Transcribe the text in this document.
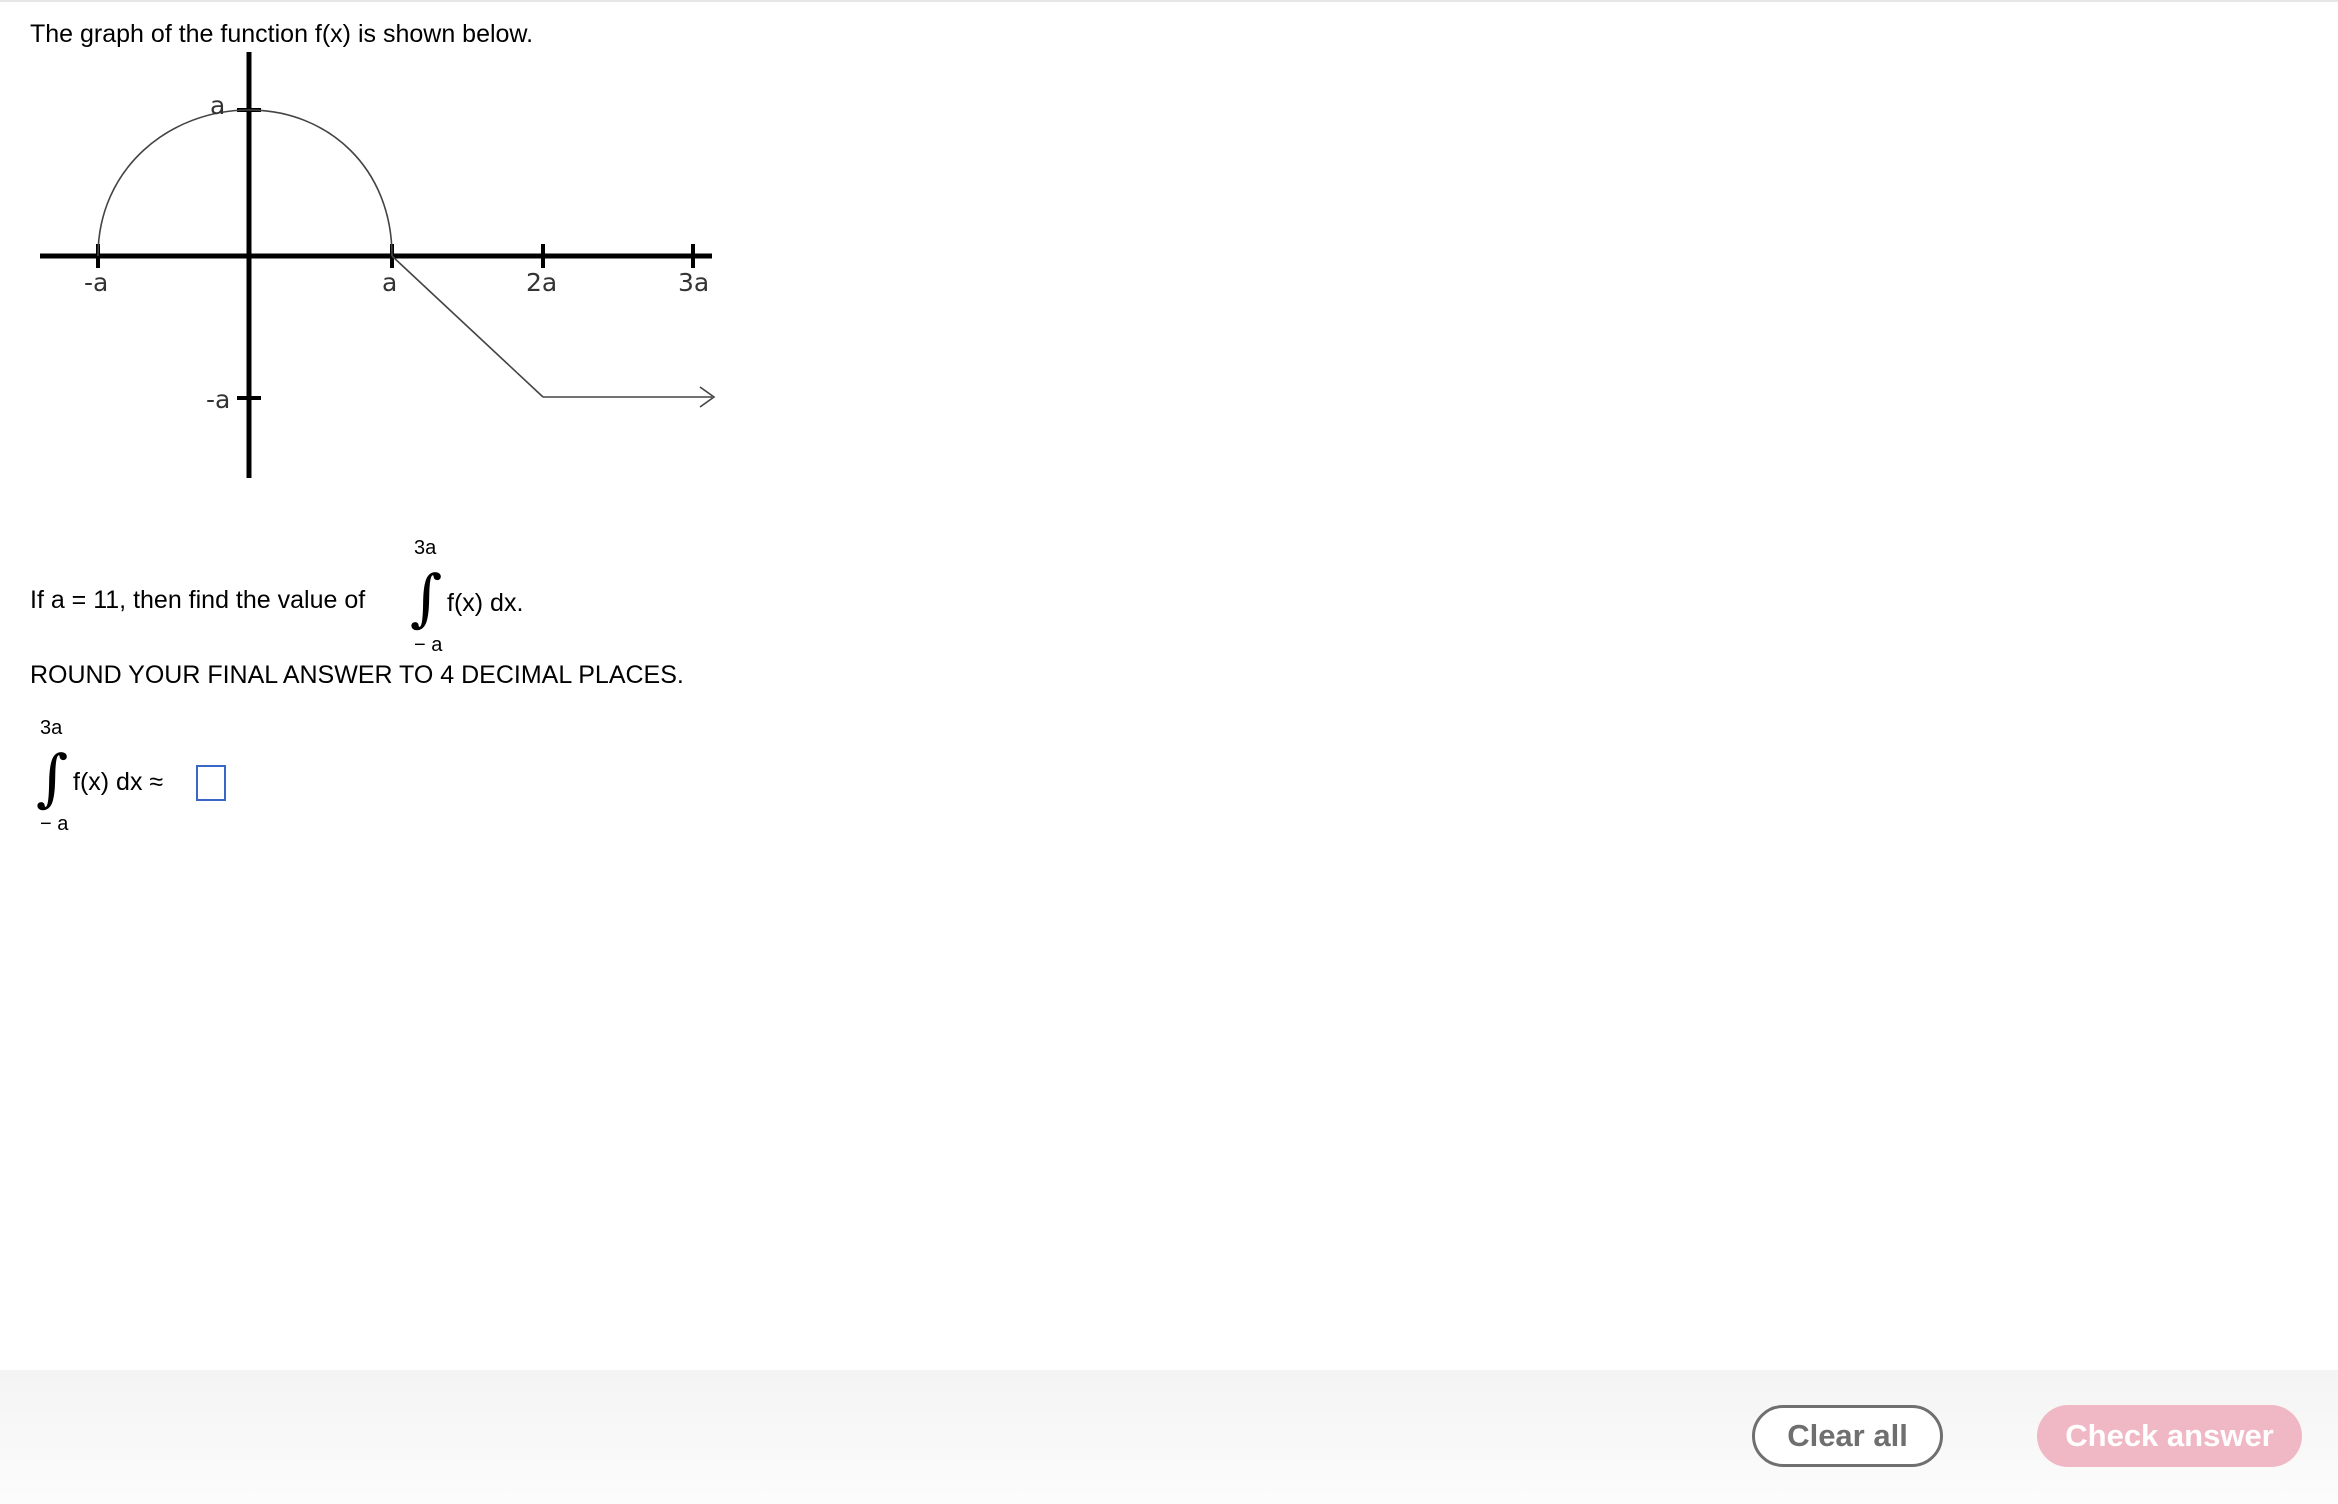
The graph of the function f(x) is shown below.
-a	a	2a	3a
a
-a
If a = 11, then find the value of
3a
∫
− a
f(x) dx.
ROUND YOUR FINAL ANSWER TO 4 DECIMAL PLACES.
3a
∫
− a
f(x) dx ≈
Clear all	Check answer
